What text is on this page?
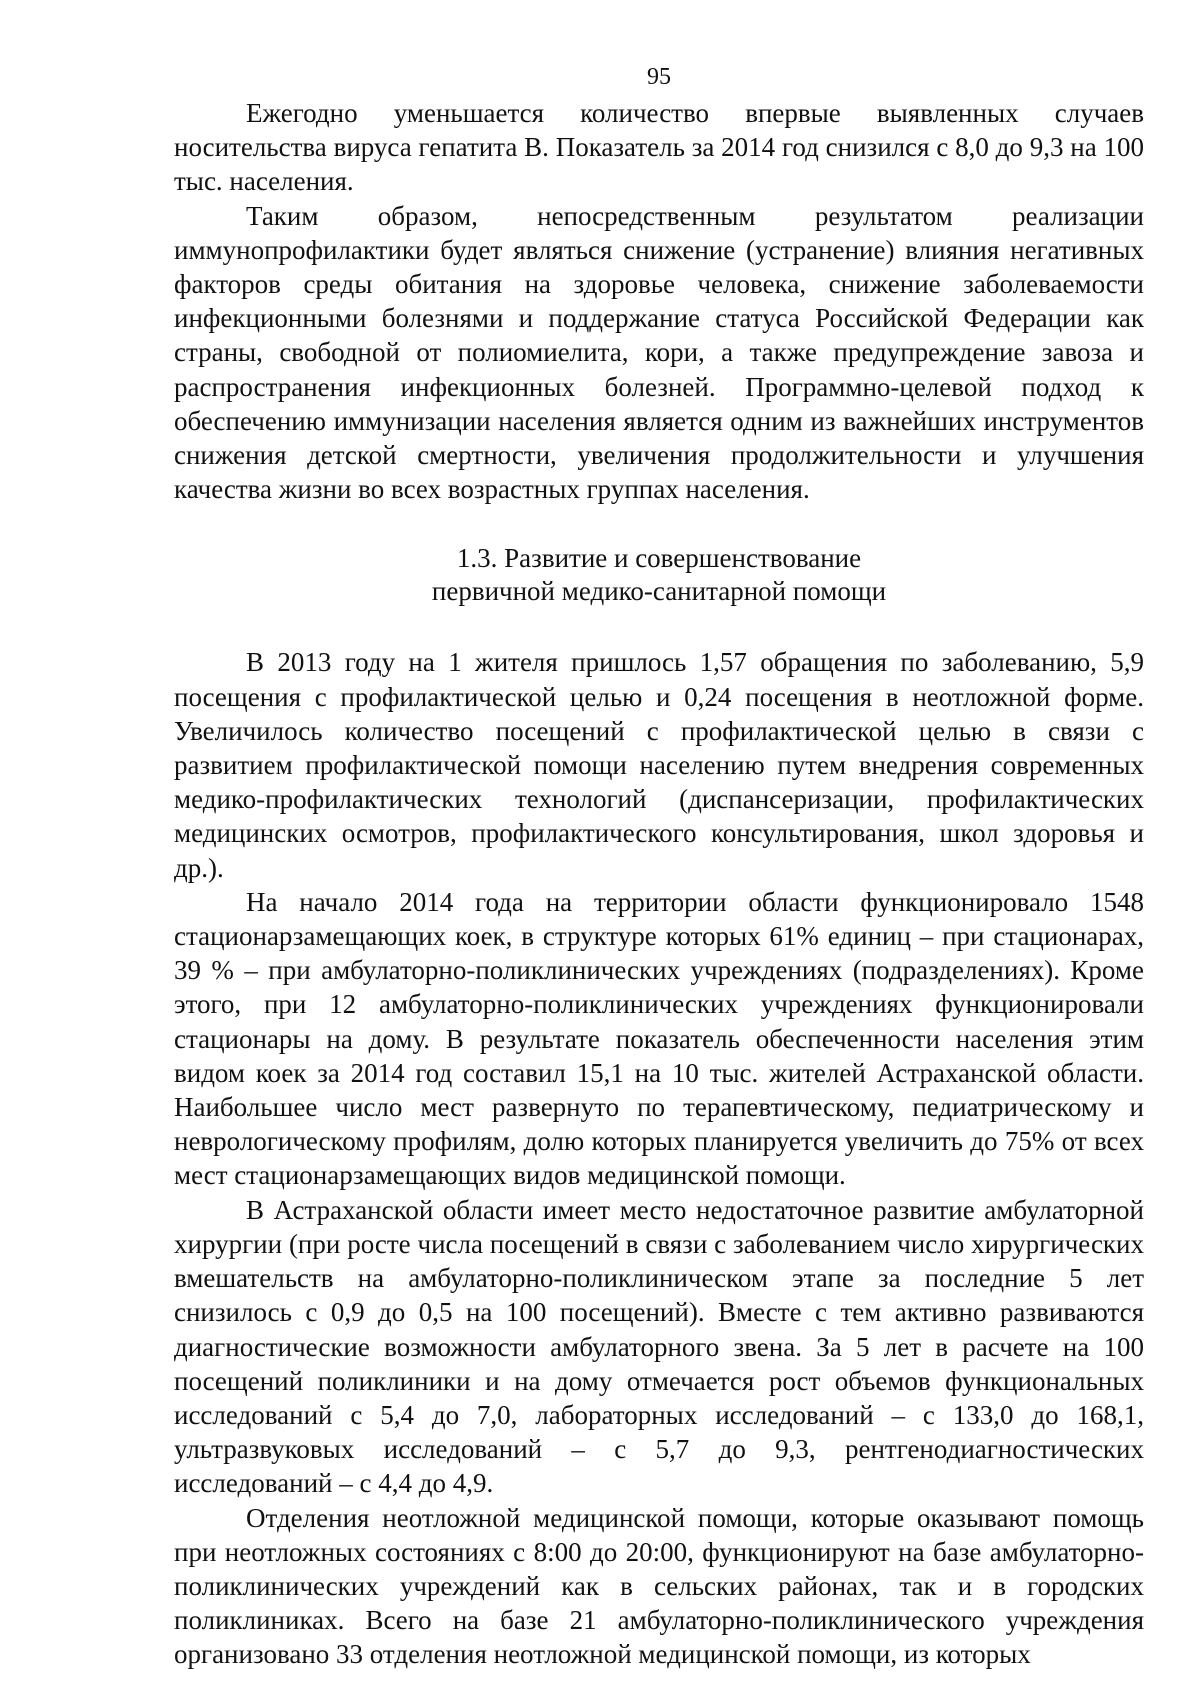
95

Ежегодно уменьшается количество впервые выявленных случаев носительства вируса гепатита В. Показатель за 2014 год снизился с 8,0 до 9,3 на 100 тыс. населения.

Таким образом, непосредственным результатом реализации иммунопрофилактики будет являться снижение (устранение) влияния негативных факторов среды обитания на здоровье человека, снижение заболеваемости инфекционными болезнями и поддержание статуса Российской Федерации как страны, свободной от полиомиелита, кори, а также предупреждение завоза и распространения инфекционных болезней. Программно-целевой подход к обеспечению иммунизации населения является одним из важнейших инструментов снижения детской смертности, увеличения продолжительности и улучшения качества жизни во всех возрастных группах населения.

1.3. Развитие и совершенствование
первичной медико-санитарной помощи

В 2013 году на 1 жителя пришлось 1,57 обращения по заболеванию, 5,9 посещения с профилактической целью и 0,24 посещения в неотложной форме. Увеличилось количество посещений с профилактической целью в связи с развитием профилактической помощи населению путем внедрения современных медико-профилактических технологий (диспансеризации, профилактических медицинских осмотров, профилактического консультирования, школ здоровья и др.).

На начало 2014 года на территории области функционировало 1548 стационарзамещающих коек, в структуре которых 61% единиц – при стационарах, 39 % – при амбулаторно-поликлинических учреждениях (подразделениях). Кроме этого, при 12 амбулаторно-поликлинических учреждениях функционировали стационары на дому. В результате показатель обеспеченности населения этим видом коек за 2014 год составил 15,1 на 10 тыс. жителей Астраханской области. Наибольшее число мест развернуто по терапевтическому, педиатрическому и неврологическому профилям, долю которых планируется увеличить до 75% от всех мест стационарзамещающих видов медицинской помощи.

В Астраханской области имеет место недостаточное развитие амбулаторной хирургии (при росте числа посещений в связи с заболеванием число хирургических вмешательств на амбулаторно-поликлиническом этапе за последние 5 лет снизилось с 0,9 до 0,5 на 100 посещений). Вместе с тем активно развиваются диагностические возможности амбулаторного звена. За 5 лет в расчете на 100 посещений поликлиники и на дому отмечается рост объемов функциональных исследований с 5,4 до 7,0, лабораторных исследований – с 133,0 до 168,1, ультразвуковых исследований – с 5,7 до 9,3, рентгенодиагностических исследований – с 4,4 до 4,9.

Отделения неотложной медицинской помощи, которые оказывают помощь при неотложных состояниях с 8:00 до 20:00, функционируют на базе амбулаторно-поликлинических учреждений как в сельских районах, так и в городских поликлиниках. Всего на базе 21 амбулаторно-поликлинического учреждения организовано 33 отделения неотложной медицинской помощи, из которых
